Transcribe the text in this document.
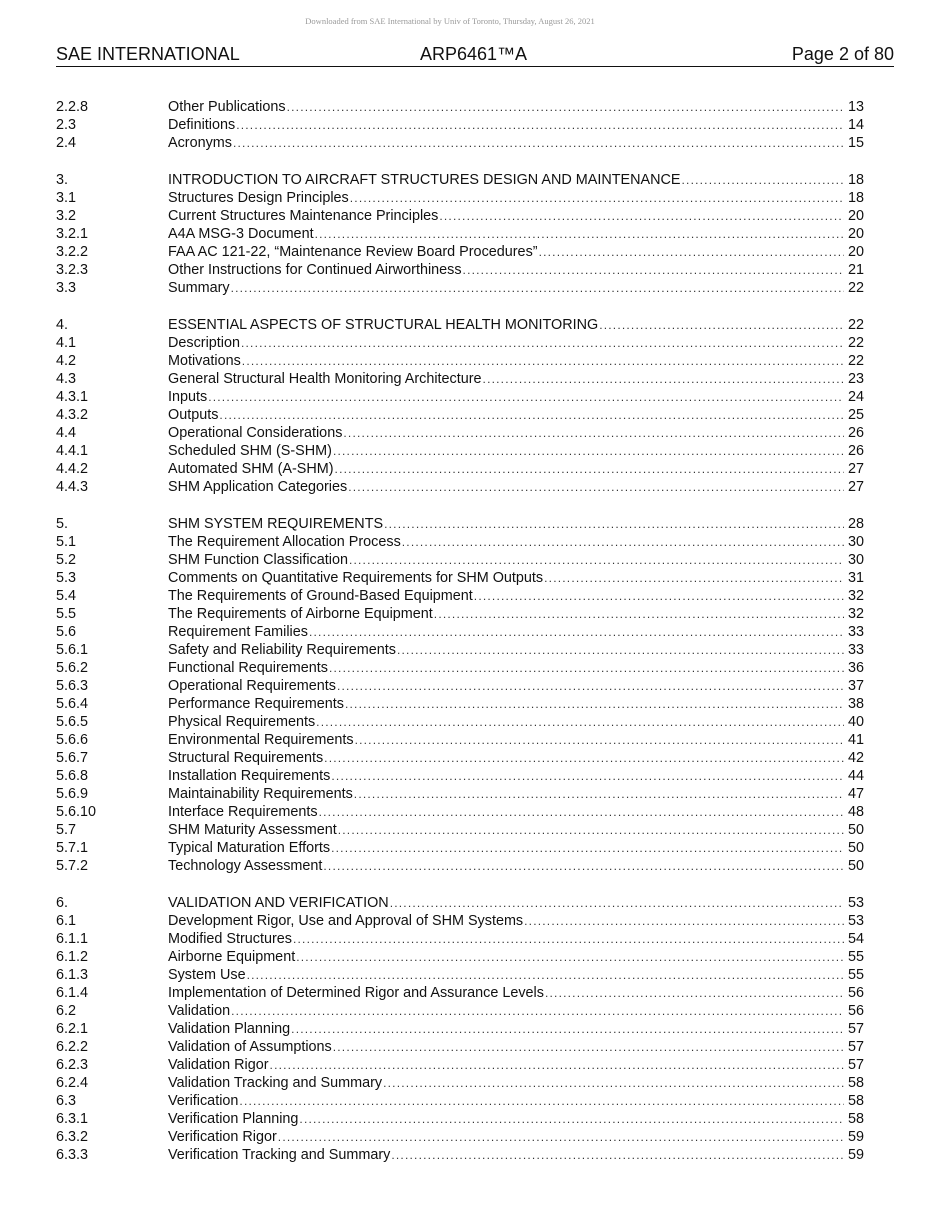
Downloaded from SAE International by Univ of Toronto, Thursday, August 26, 2021
SAE INTERNATIONAL	ARP6461™A	Page 2 of 80
2.2.8	Other Publications .....	13
2.3	Definitions .....	14
2.4	Acronyms .....	15
3.	INTRODUCTION TO AIRCRAFT STRUCTURES DESIGN AND MAINTENANCE .....	18
3.1	Structures Design Principles .....	18
3.2	Current Structures Maintenance Principles .....	20
3.2.1	A4A MSG-3 Document .....	20
3.2.2	FAA AC 121-22, “Maintenance Review Board Procedures” .....	20
3.2.3	Other Instructions for Continued Airworthiness .....	21
3.3	Summary .....	22
4.	ESSENTIAL ASPECTS OF STRUCTURAL HEALTH MONITORING .....	22
4.1	Description .....	22
4.2	Motivations .....	22
4.3	General Structural Health Monitoring Architecture .....	23
4.3.1	Inputs .....	24
4.3.2	Outputs .....	25
4.4	Operational Considerations .....	26
4.4.1	Scheduled SHM (S-SHM) .....	26
4.4.2	Automated SHM (A-SHM) .....	27
4.4.3	SHM Application Categories .....	27
5.	SHM SYSTEM REQUIREMENTS .....	28
5.1	The Requirement Allocation Process .....	30
5.2	SHM Function Classification .....	30
5.3	Comments on Quantitative Requirements for SHM Outputs .....	31
5.4	The Requirements of Ground-Based Equipment .....	32
5.5	The Requirements of Airborne Equipment .....	32
5.6	Requirement Families .....	33
5.6.1	Safety and Reliability Requirements .....	33
5.6.2	Functional Requirements .....	36
5.6.3	Operational Requirements .....	37
5.6.4	Performance Requirements .....	38
5.6.5	Physical Requirements .....	40
5.6.6	Environmental Requirements .....	41
5.6.7	Structural Requirements .....	42
5.6.8	Installation Requirements .....	44
5.6.9	Maintainability Requirements .....	47
5.6.10	Interface Requirements .....	48
5.7	SHM Maturity Assessment .....	50
5.7.1	Typical Maturation Efforts .....	50
5.7.2	Technology Assessment .....	50
6.	VALIDATION AND VERIFICATION .....	53
6.1	Development Rigor, Use and Approval of SHM Systems .....	53
6.1.1	Modified Structures .....	54
6.1.2	Airborne Equipment .....	55
6.1.3	System Use .....	55
6.1.4	Implementation of Determined Rigor and Assurance Levels .....	56
6.2	Validation .....	56
6.2.1	Validation Planning .....	57
6.2.2	Validation of Assumptions .....	57
6.2.3	Validation Rigor .....	57
6.2.4	Validation Tracking and Summary .....	58
6.3	Verification .....	58
6.3.1	Verification Planning .....	58
6.3.2	Verification Rigor .....	59
6.3.3	Verification Tracking and Summary .....	59
